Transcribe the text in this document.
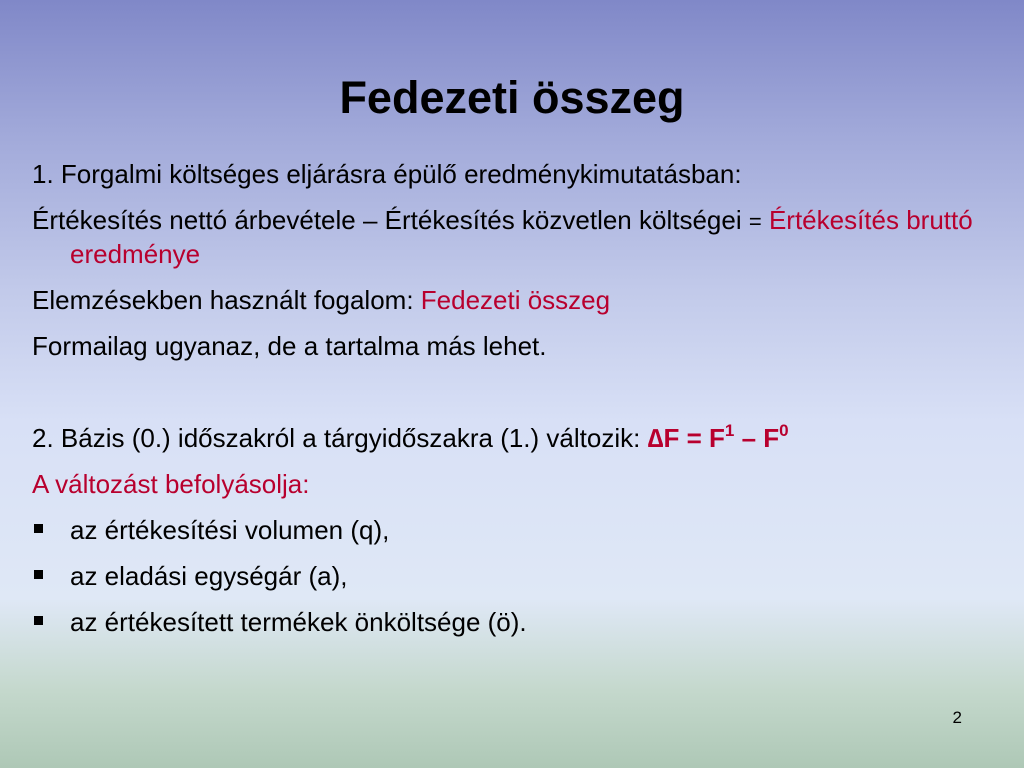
Fedezeti összeg
1. Forgalmi költséges eljárásra épülő eredménykimutatásban:
Értékesítés nettó árbevétele – Értékesítés közvetlen költségei = Értékesítés bruttó eredménye
Elemzésekben használt fogalom: Fedezeti összeg
Formailag ugyanaz, de a tartalma más lehet.
2. Bázis (0.) időszakról a tárgyidőszakra (1.) változik: $\Delta F = F^1 - F^0$
A változást befolyásolja:
az értékesítési volumen (q),
az eladási egységár (a),
az értékesített termékek önköltsége (ö).
2
